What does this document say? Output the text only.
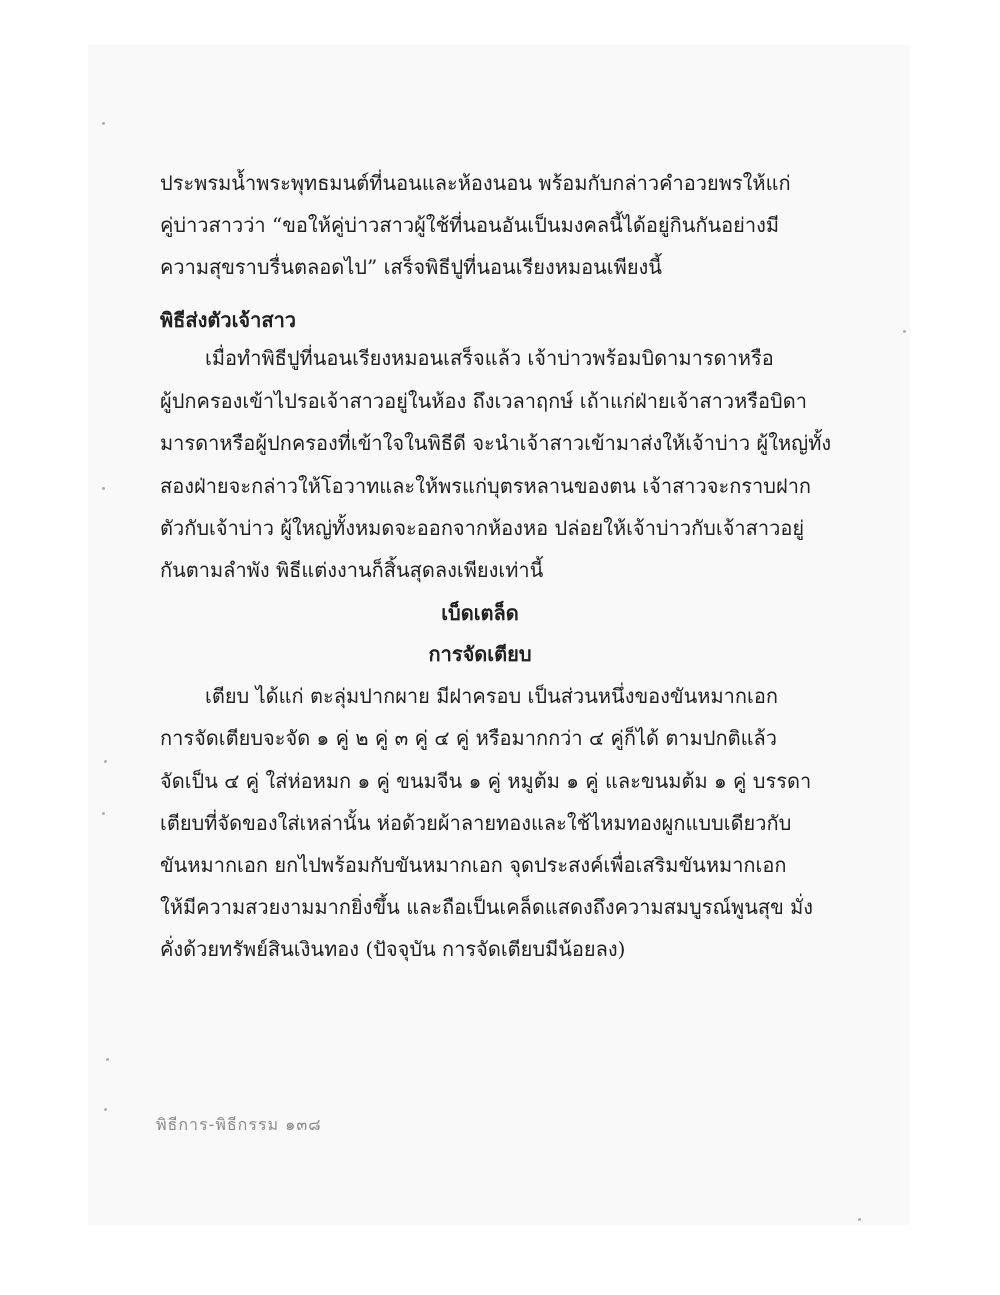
ประพรมน้ำพระพุทธมนต์ที่นอนและห้องนอน พร้อมกับกล่าวคำอวยพรให้แก่
คู่บ่าวสาวว่า “ขอให้คู่บ่าวสาวผู้ใช้ที่นอนอันเป็นมงคลนี้ได้อยู่กินกันอย่างมี
ความสุขราบรื่นตลอดไป” เสร็จพิธีปูที่นอนเรียงหมอนเพียงนี้
พิธีส่งตัวเจ้าสาว
เมื่อทำพิธีปูที่นอนเรียงหมอนเสร็จแล้ว เจ้าบ่าวพร้อมบิดามารดาหรือ
ผู้ปกครองเข้าไปรอเจ้าสาวอยู่ในห้อง ถึงเวลาฤกษ์ เถ้าแก่ฝ่ายเจ้าสาวหรือบิดา
มารดาหรือผู้ปกครองที่เข้าใจในพิธีดี จะนำเจ้าสาวเข้ามาส่งให้เจ้าบ่าว ผู้ใหญ่ทั้ง
สองฝ่ายจะกล่าวให้โอวาทและให้พรแก่บุตรหลานของตน เจ้าสาวจะกราบฝาก
ตัวกับเจ้าบ่าว ผู้ใหญ่ทั้งหมดจะออกจากห้องหอ ปล่อยให้เจ้าบ่าวกับเจ้าสาวอยู่
กันตามลำพัง พิธีแต่งงานก็สิ้นสุดลงเพียงเท่านี้
เบ็ดเตล็ด
การจัดเตียบ
เตียบ ได้แก่ ตะลุ่มปากผาย มีฝาครอบ เป็นส่วนหนึ่งของขันหมากเอก
การจัดเตียบจะจัด ๑ คู่ ๒ คู่ ๓ คู่ ๔ คู่ หรือมากกว่า ๔ คู่ก็ได้ ตามปกติแล้ว
จัดเป็น ๔ คู่ ใส่ห่อหมก ๑ คู่ ขนมจีน ๑ คู่ หมูต้ม ๑ คู่ และขนมต้ม ๑ คู่ บรรดา
เตียบที่จัดของใส่เหล่านั้น ห่อด้วยผ้าลายทองและใช้ไหมทองผูกแบบเดียวกับ
ขันหมากเอก ยกไปพร้อมกับขันหมากเอก จุดประสงค์เพื่อเสริมขันหมากเอก
ให้มีความสวยงามมากยิ่งขึ้น และถือเป็นเคล็ดแสดงถึงความสมบูรณ์พูนสุข มั่ง
คั่งด้วยทรัพย์สินเงินทอง (ปัจจุบัน การจัดเตียบมีน้อยลง)
พิธีการ-พิธีกรรม ๑๓๘
